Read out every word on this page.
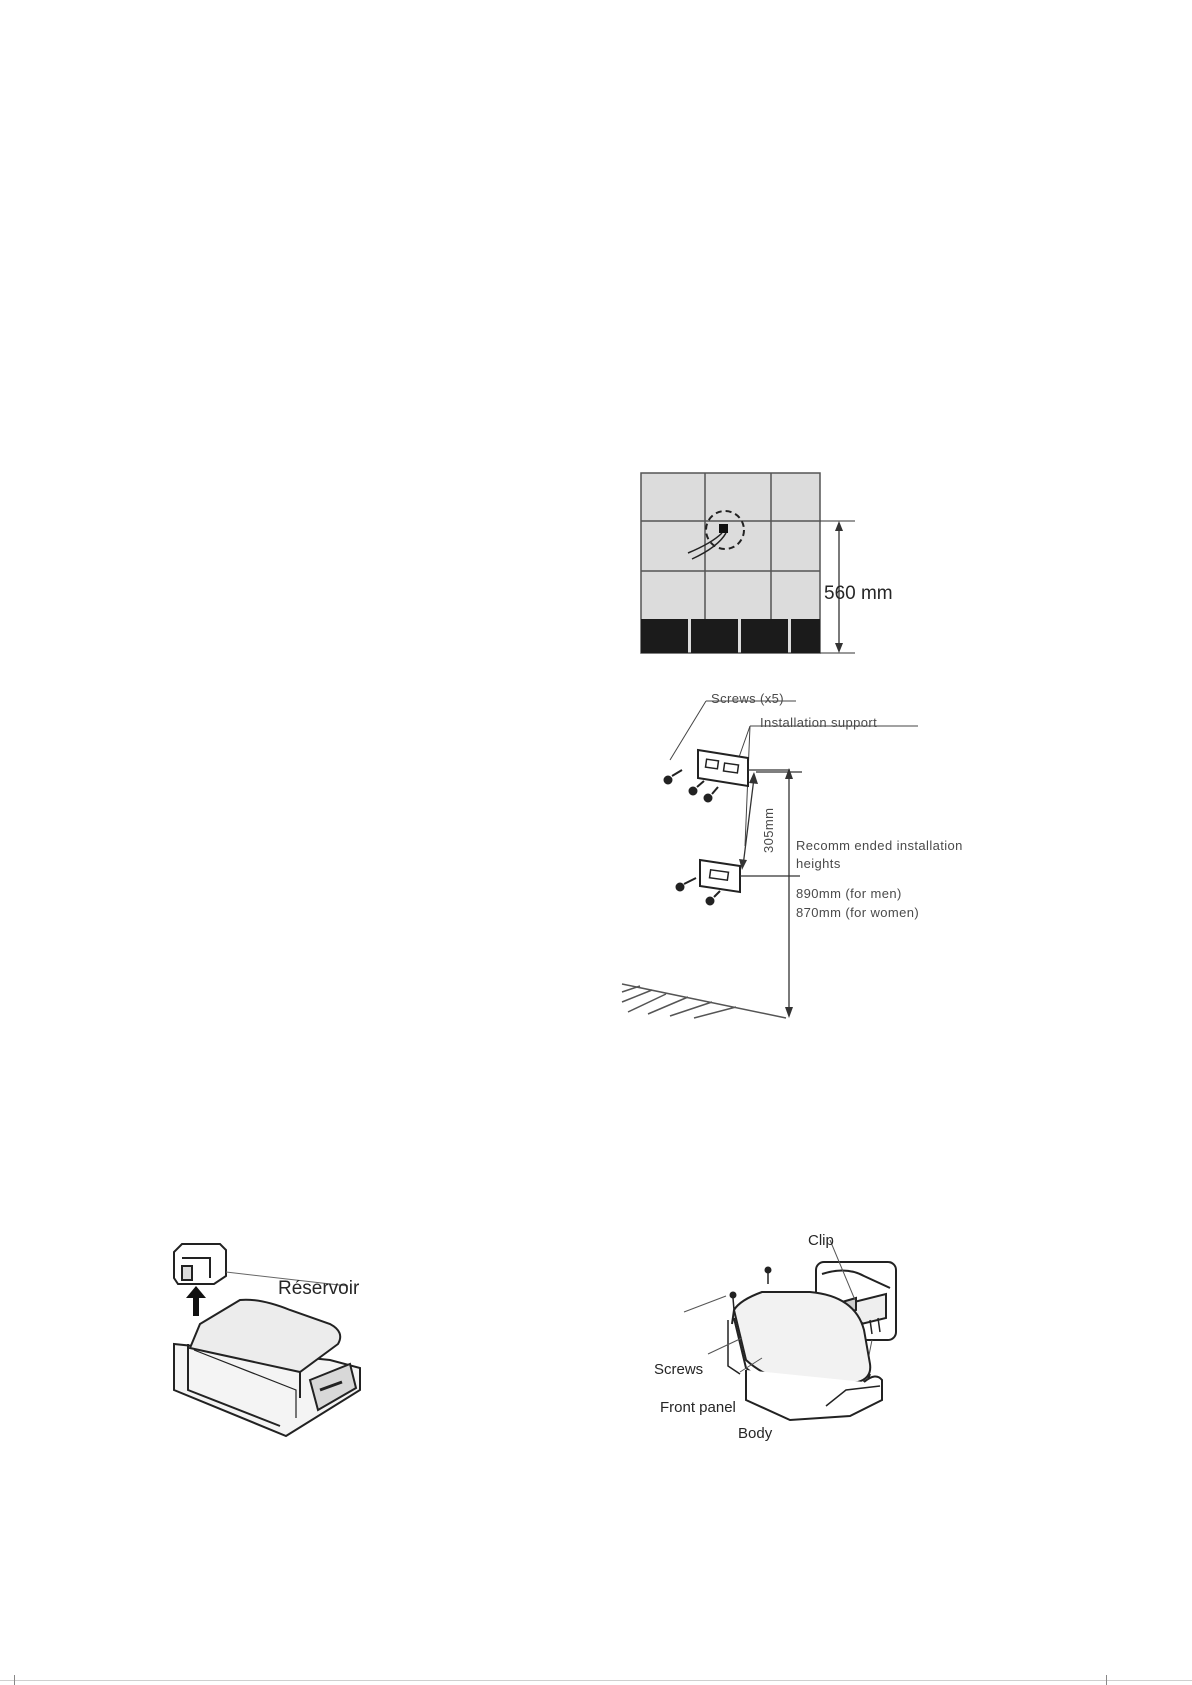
560 mm
Screws (x5)
Installation support
305mm Recomm ended installation
heights
890mm (for men)
870mm (for women)
Réservoir
Clip
Screws
Front panel
Body
